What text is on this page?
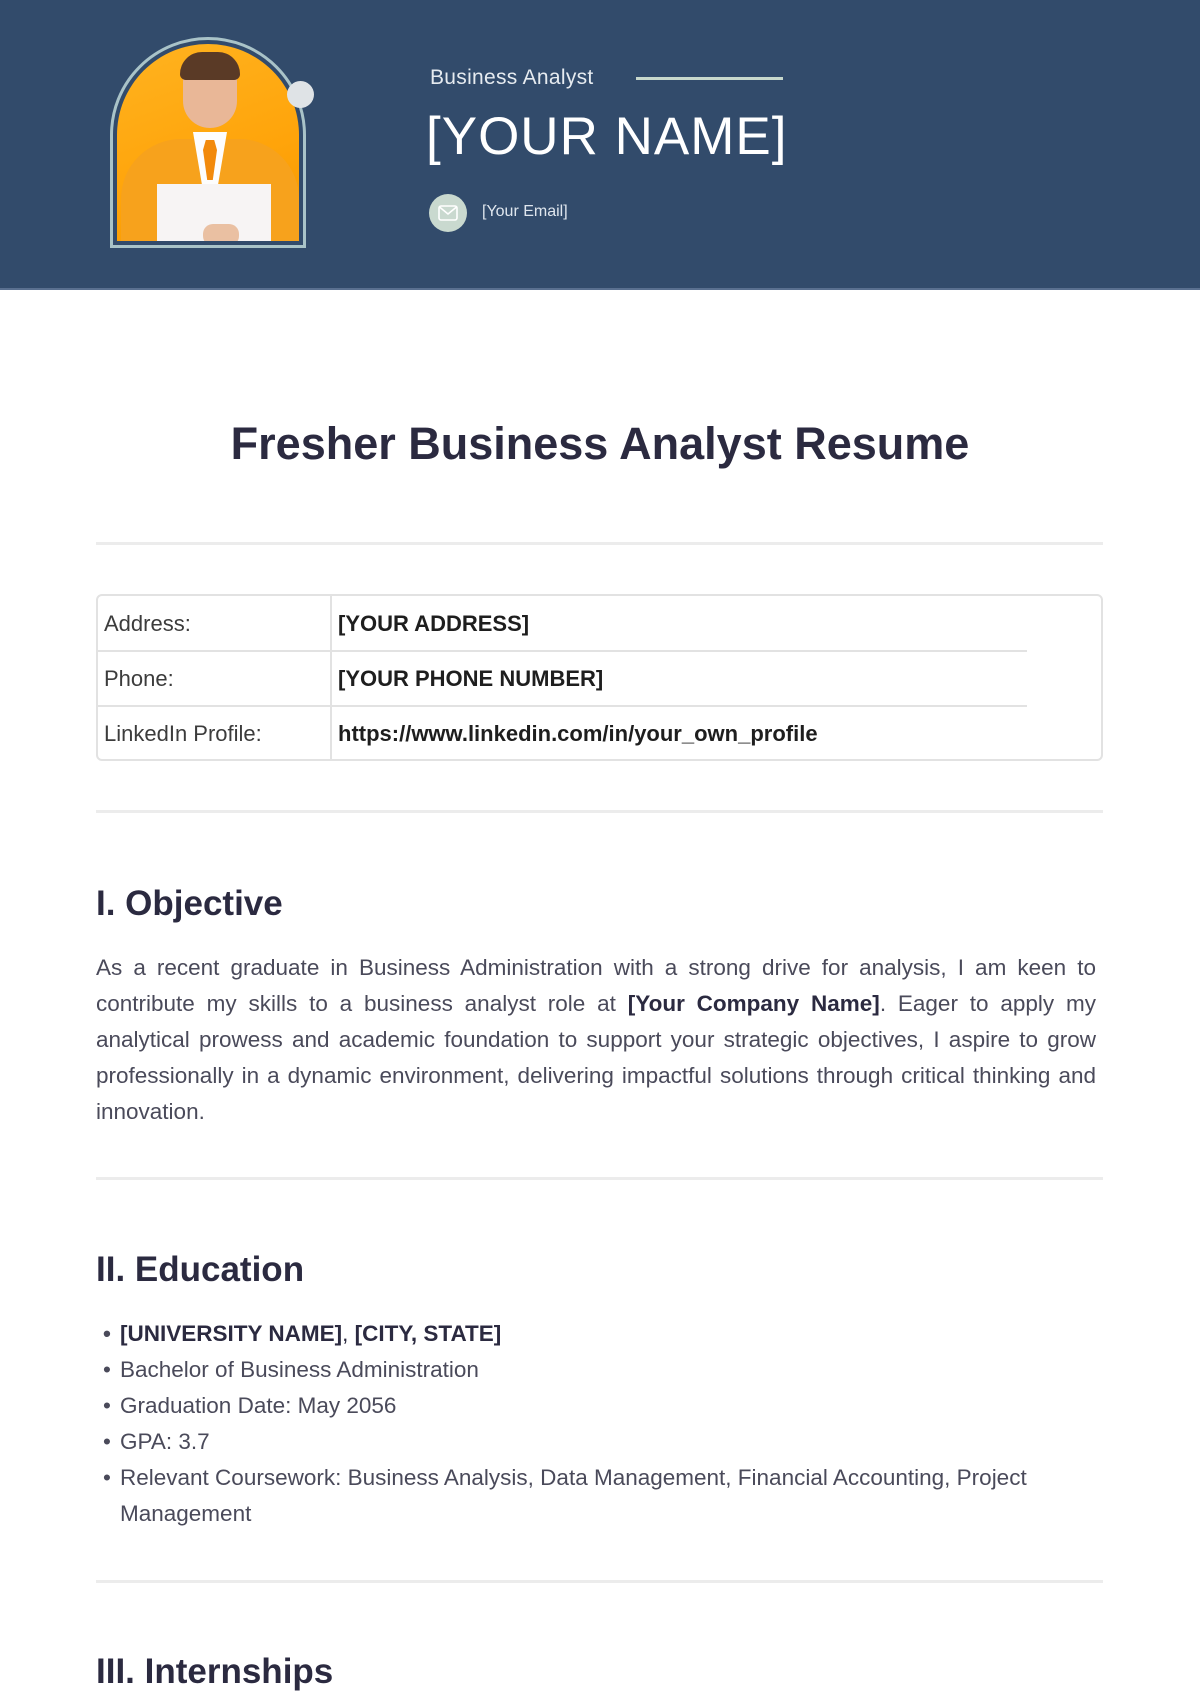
Business Analyst
[YOUR NAME]
[Your Email]
Fresher Business Analyst Resume
Address:	[YOUR ADDRESS]
Phone:	[YOUR PHONE NUMBER]
LinkedIn Profile:	https://www.linkedin.com/in/your_own_profile
I. Objective

As a recent graduate in Business Administration with a strong drive for analysis, I am keen to contribute my skills to a business analyst role at [Your Company Name]. Eager to apply my analytical prowess and academic foundation to support your strategic objectives, I aspire to grow professionally in a dynamic environment, delivering impactful solutions through critical thinking and innovation.

II. Education
• [UNIVERSITY NAME], [CITY, STATE]
• Bachelor of Business Administration
• Graduation Date: May 2056
• GPA: 3.7
• Relevant Coursework: Business Analysis, Data Management, Financial Accounting, Project Management
III. Internships
